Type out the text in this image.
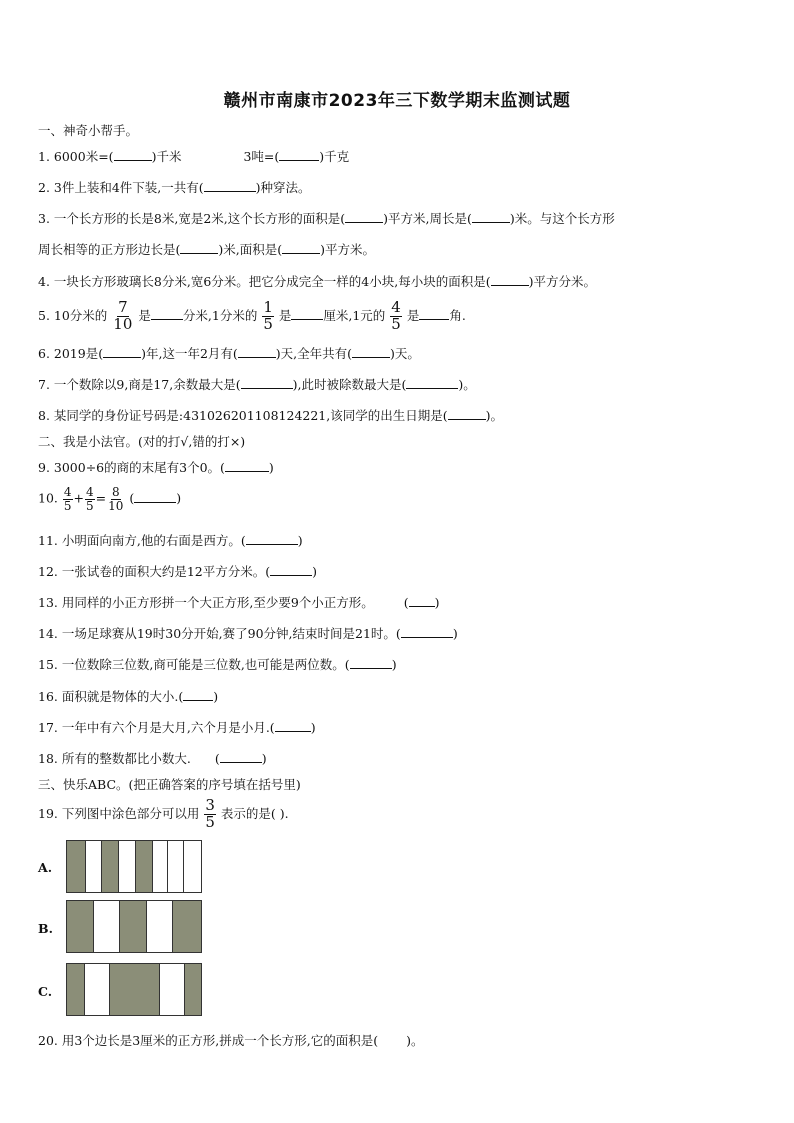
赣州市南康市2023年三下数学期末监测试题
一、神奇小帮手。
1. 6000米=(	)千米	3吨=(	)千克
2. 3件上装和4件下装,一共有(	)种穿法。
3. 一个长方形的长是8米,宽是2米,这个长方形的面积是(	)平方米,周长是(	)米。与这个长方形
周长相等的正方形边长是(	)米,面积是(	)平方米。
4. 一块长方形玻璃长8分米,宽6分米。把它分成完全一样的4小块,每小块的面积是(	)平方分米。
5. 10分米的 $\frac{7}{10}$ 是	分米,1分米的 $\frac{1}{5}$ 是	厘米,1元的 $\frac{4}{5}$ 是 角.
6. 2019是(	)年,这一年2月有(	)天,全年共有(	)天。
7. 一个数除以9,商是17,余数最大是(	),此时被除数最大是(	)。
8. 某同学的身份证号码是:431026201108124221,该同学的出生日期是(	)。
二、我是小法官。(对的打√,错的打×)
9. 3000÷6的商的末尾有3个0。(	)
10. $\frac{4}{5} + \frac{4}{5} = \frac{8}{10}$ (	)
11. 小明面向南方,他的右面是西方。(	)
12. 一张试卷的面积大约是12平方分米。(	)
13. 用同样的小正方形拼一个大正方形,至少要9个小正方形。 ( )
14. 一场足球赛从19时30分开始,赛了90分钟,结束时间是21时。(	)
15. 一位数除三位数,商可能是三位数,也可能是两位数。(	)
16. 面积就是物体的大小.( )
17. 一年中有六个月是大月,六个月是小月.(	)
18. 所有的整数都比小数大. (	)
三、快乐ABC。(把正确答案的序号填在括号里)
19. 下列图中涂色部分可以用 $\frac{3}{5}$ 表示的是( ).
A.
B.
C.
20. 用3个边长是3厘米的正方形,拼成一个长方形,它的面积是( )。
